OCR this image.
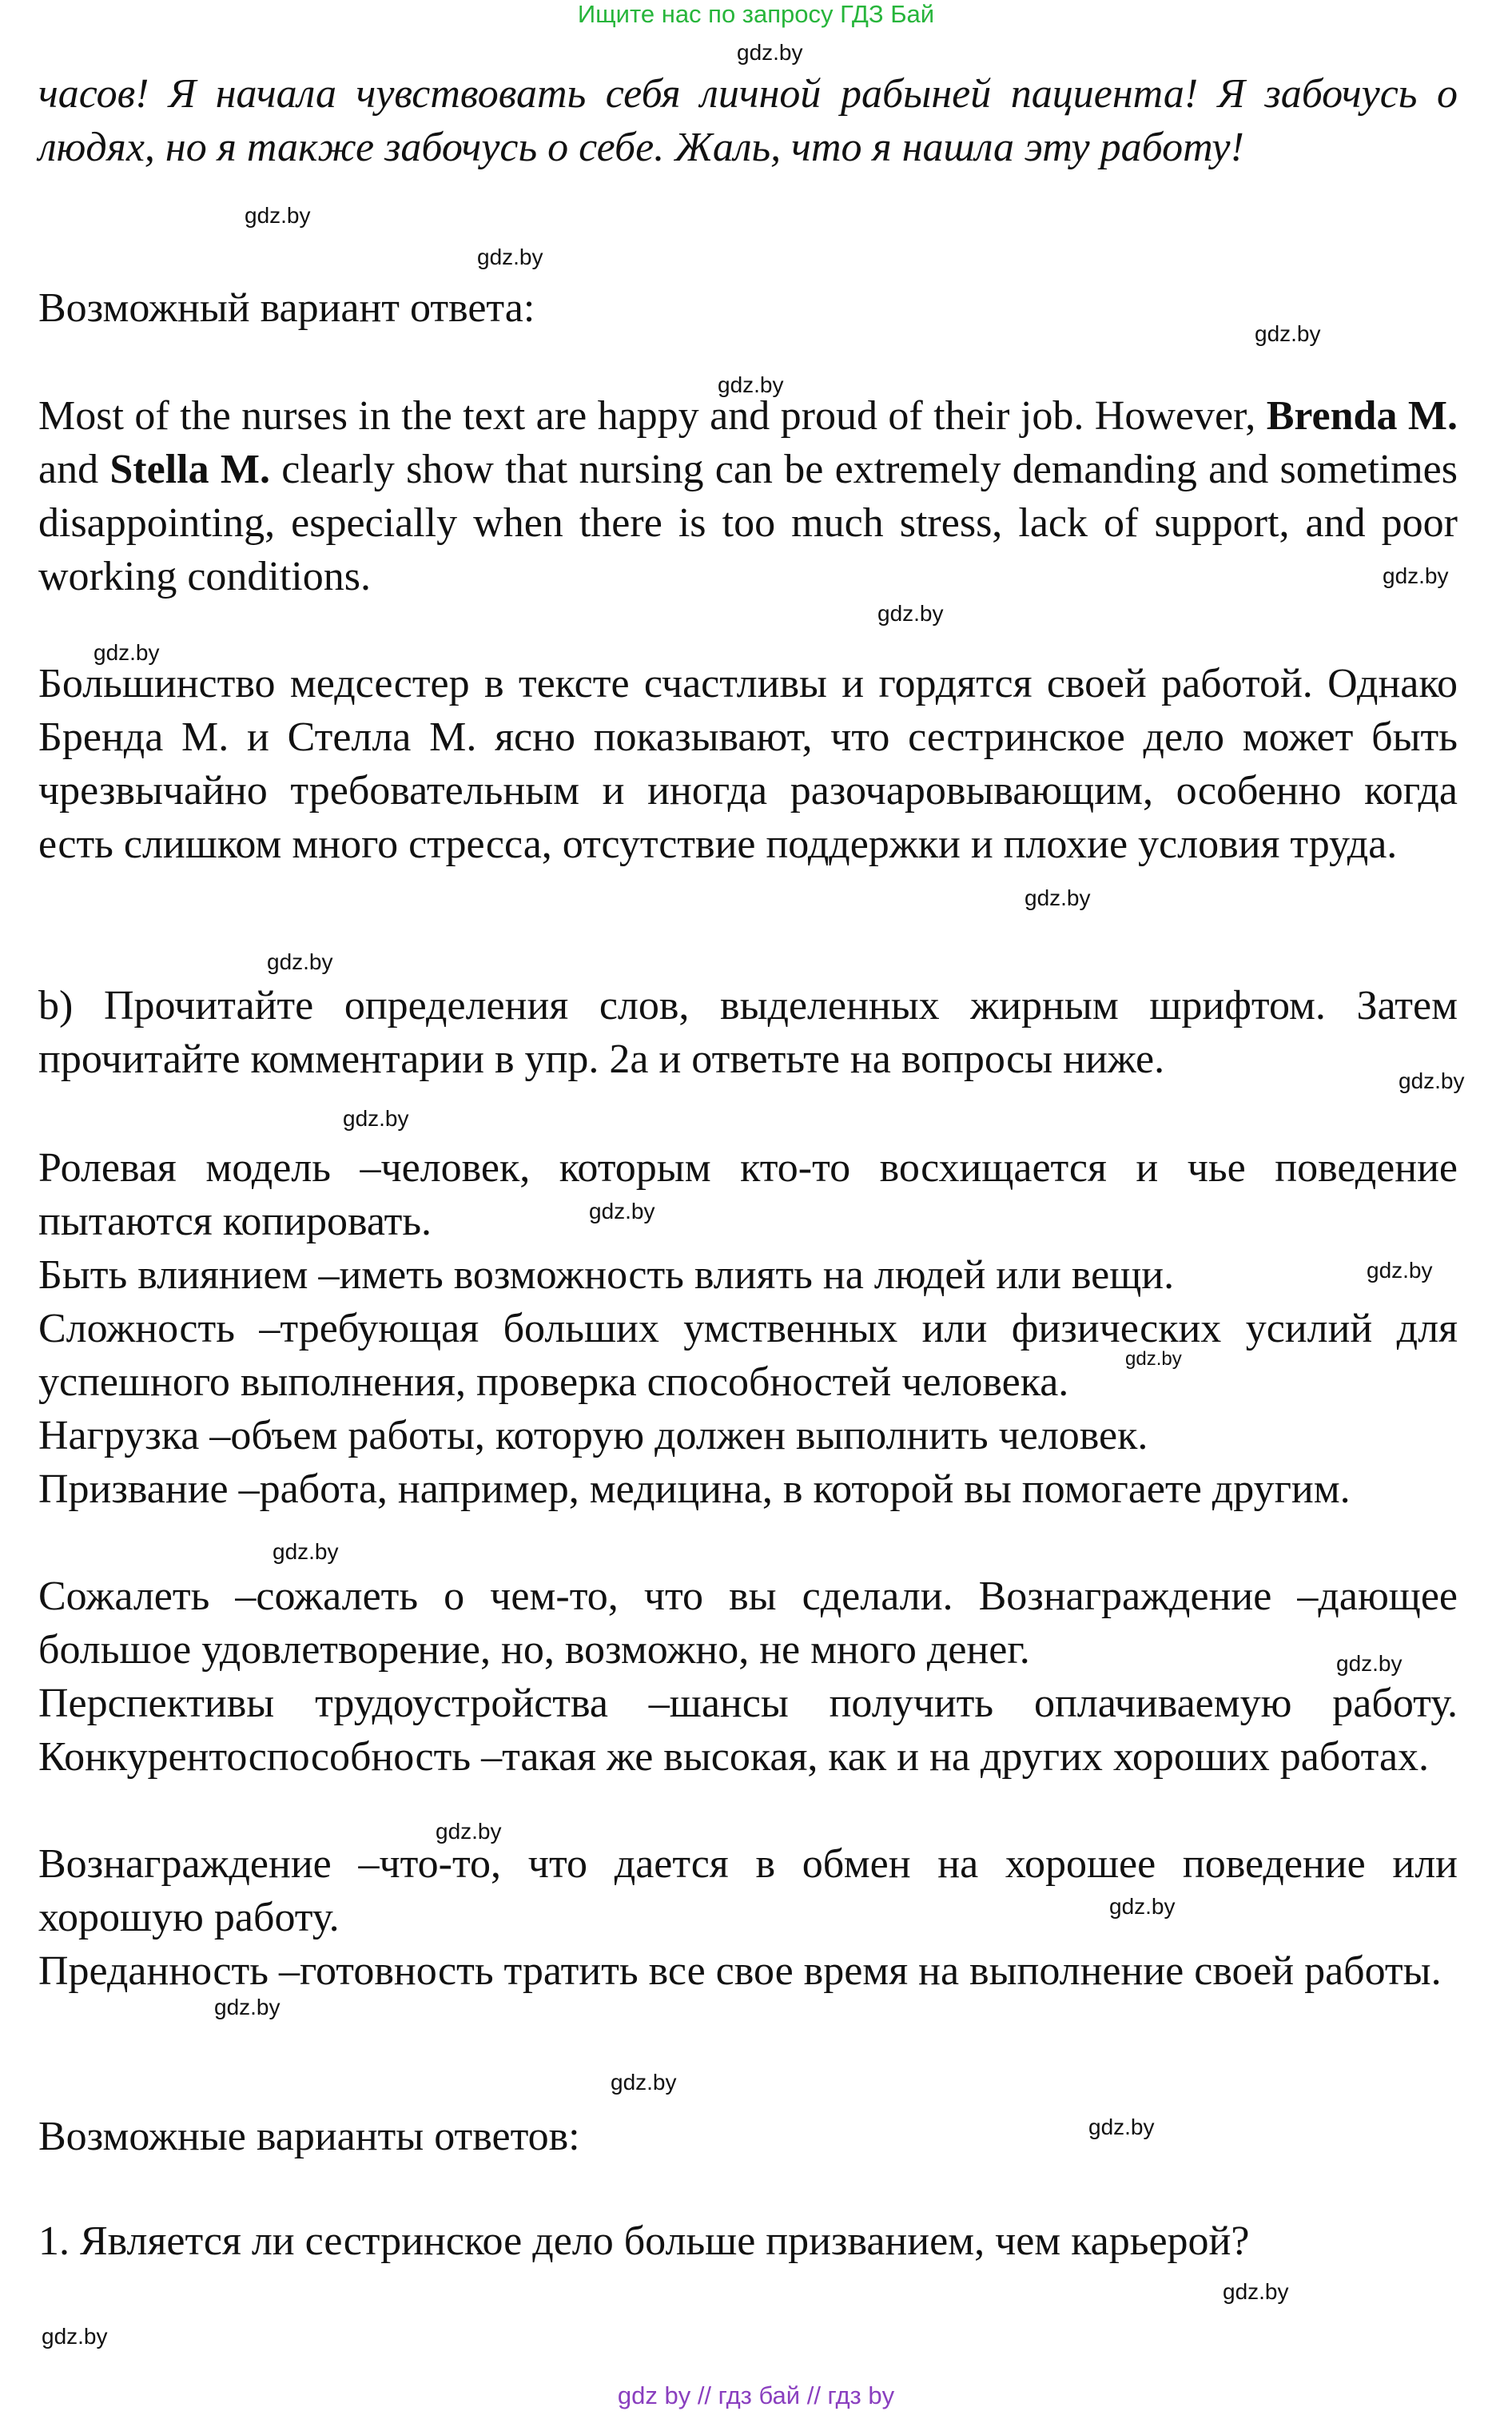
Ищите нас по запросу ГДЗ Бай
gdz.by
gdz.by
gdz.by
gdz.by
gdz.by
gdz.by
gdz.by
gdz.by
gdz.by
gdz.by
gdz.by
gdz.by
gdz.by
gdz.by
gdz.by
gdz.by
gdz.by
gdz.by
gdz.by
gdz.by
gdz.by
gdz.by
gdz.by
gdz.by

часов! Я начала чувствовать себя личной рабыней пациента! Я забочусь о людях, но я также забочусь о себе. Жаль, что я нашла эту работу!

Возможный вариант ответа:

Most of the nurses in the text are happy and proud of their job. However, Brenda M. and Stella M. clearly show that nursing can be extremely demanding and sometimes disappointing, especially when there is too much stress, lack of support, and poor working conditions.

Большинство медсестер в тексте счастливы и гордятся своей работой. Однако Бренда М. и Стелла М. ясно показывают, что сестринское дело может быть чрезвычайно требовательным и иногда разочаровывающим, особенно когда есть слишком много стресса, отсутствие поддержки и плохие условия труда.

b) Прочитайте определения слов, выделенных жирным шрифтом. Затем прочитайте комментарии в упр. 2а и ответьте на вопросы ниже.

Ролевая модель –человек, которым кто-то восхищается и чье поведение пытаются копировать.

Быть влиянием –иметь возможность влиять на людей или вещи.

Сложность –требующая больших умственных или физических усилий для успешного выполнения, проверка способностей человека.

Нагрузка –объем работы, которую должен выполнить человек.

Призвание –работа, например, медицина, в которой вы помогаете другим.

Сожалеть –сожалеть о чем-то, что вы сделали. Вознаграждение –дающее большое удовлетворение, но, возможно, не много денег.

Перспективы трудоустройства –шансы получить оплачиваемую работу. Конкурентоспособность –такая же высокая, как и на других хороших работах.

Вознаграждение –что-то, что дается в обмен на хорошее поведение или хорошую работу.

Преданность –готовность тратить все свое время на выполнение своей работы.

Возможные варианты ответов:

1. Является ли сестринское дело больше призванием, чем карьерой?

gdz by // гдз бай // гдз by
